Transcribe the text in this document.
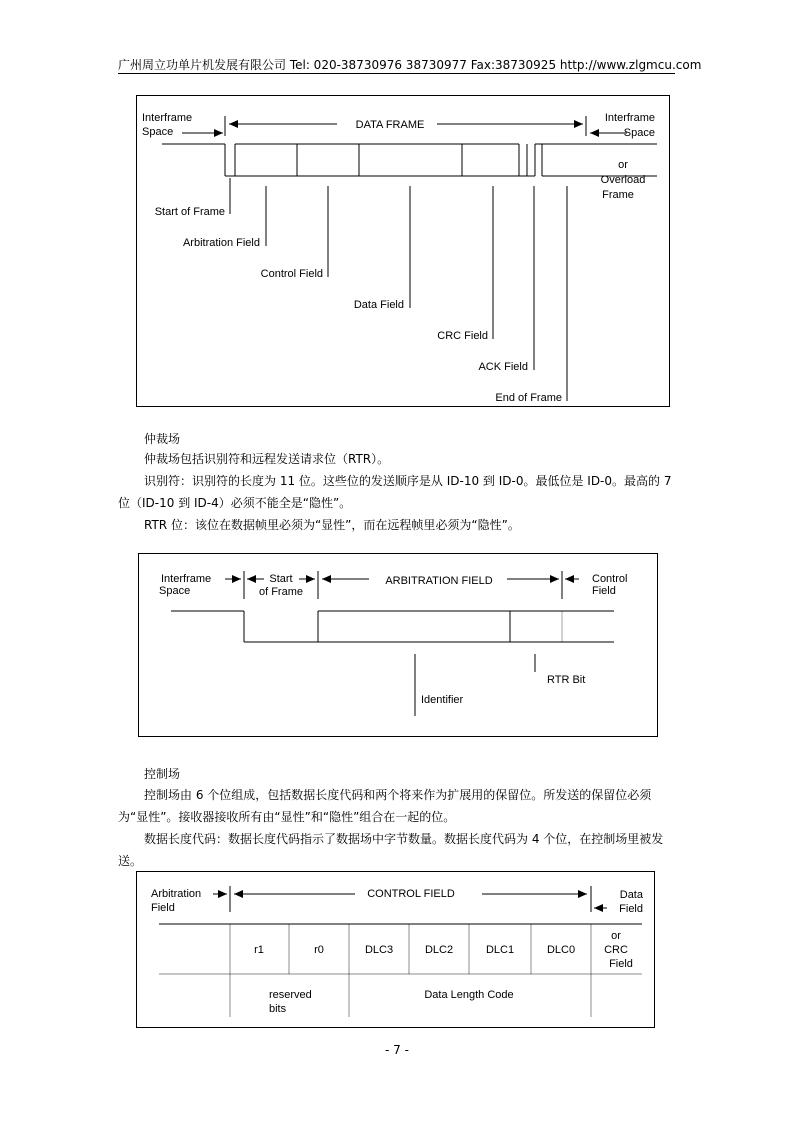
广州周立功单片机发展有限公司 Tel: 020-38730976 38730977 Fax:38730925 http://www.zlgmcu.com
Interframe
Space
DATA FRAME
Interframe
Space
or
Overload
Frame
Start of Frame
Arbitration Field
Control Field
Data Field
CRC Field
ACK Field
End of Frame
仲裁场

仲裁场包括识别符和远程发送请求位（RTR）。

识别符：识别符的长度为 11 位。这些位的发送顺序是从 ID-10 到 ID-0。最低位是 ID-0。最高的 7 位（ID-10 到 ID-4）必须不能全是“隐性”。

RTR 位：该位在数据帧里必须为“显性”，而在远程帧里必须为“隐性”。

Interframe
Space
Start
of Frame
ARBITRATION FIELD	Control
Field
RTR Bit
Identifier
控制场

控制场由 6 个位组成，包括数据长度代码和两个将来作为扩展用的保留位。所发送的保留位必须为“显性”。接收器接收所有由“显性”和“隐性”组合在一起的位。

数据长度代码：数据长度代码指示了数据场中字节数量。数据长度代码为 4 个位，在控制场里被发送。

Arbitration
Field
CONTROL FIELD	Data
Field
r1	r0	DLC3	DLC2	DLC1	DLC0
or
CRC
Field
reserved
bits
Data Length Code
- 7 -
